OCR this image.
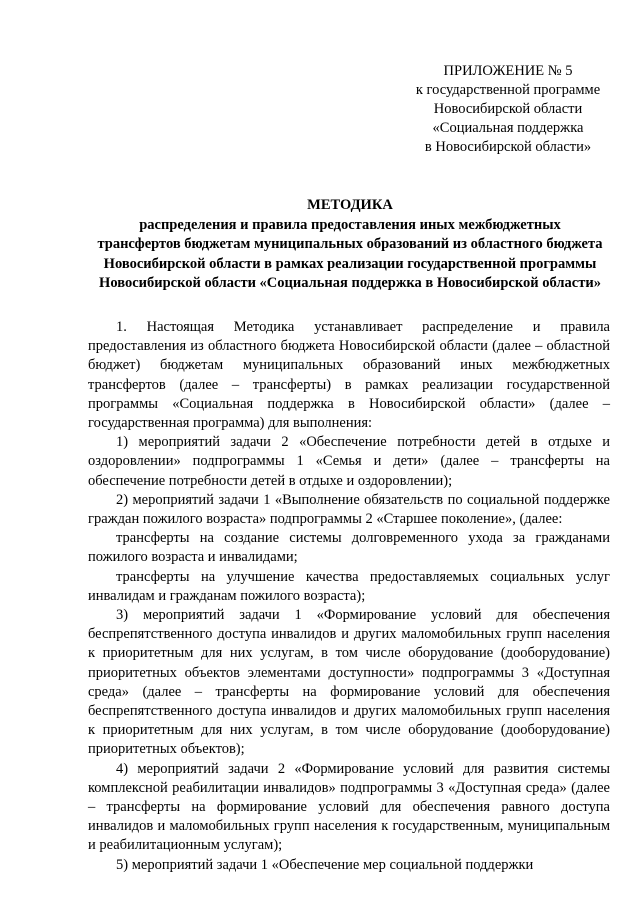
ПРИЛОЖЕНИЕ № 5
к государственной программе
Новосибирской области
«Социальная поддержка
в Новосибирской области»
МЕТОДИКА
распределения и правила предоставления иных межбюджетных
трансфертов бюджетам муниципальных образований из областного бюджета
Новосибирской области в рамках реализации государственной программы
Новосибирской области «Социальная поддержка в Новосибирской области»

1. Настоящая Методика устанавливает распределение и правила предоставления из областного бюджета Новосибирской области (далее – областной бюджет) бюджетам муниципальных образований иных межбюджетных трансфертов (далее – трансферты) в рамках реализации государственной программы «Социальная поддержка в Новосибирской области» (далее – государственная программа) для выполнения:

1) мероприятий задачи 2 «Обеспечение потребности детей в отдыхе и оздоровлении» подпрограммы 1 «Семья и дети» (далее – трансферты на обеспечение потребности детей в отдыхе и оздоровлении);

2) мероприятий задачи 1 «Выполнение обязательств по социальной поддержке граждан пожилого возраста» подпрограммы 2 «Старшее поколение», (далее:

трансферты на создание системы долговременного ухода за гражданами пожилого возраста и инвалидами;

трансферты на улучшение качества предоставляемых социальных услуг инвалидам и гражданам пожилого возраста);

3) мероприятий задачи 1 «Формирование условий для обеспечения беспрепятственного доступа инвалидов и других маломобильных групп населения к приоритетным для них услугам, в том числе оборудование (дооборудование) приоритетных объектов элементами доступности» подпрограммы 3 «Доступная среда» (далее – трансферты на формирование условий для обеспечения беспрепятственного доступа инвалидов и других маломобильных групп населения к приоритетным для них услугам, в том числе оборудование (дооборудование) приоритетных объектов);

4) мероприятий задачи 2 «Формирование условий для развития системы комплексной реабилитации инвалидов» подпрограммы 3 «Доступная среда» (далее – трансферты на формирование условий для обеспечения равного доступа инвалидов и маломобильных групп населения к государственным, муниципальным и реабилитационным услугам);

5) мероприятий задачи 1 «Обеспечение мер социальной поддержки
